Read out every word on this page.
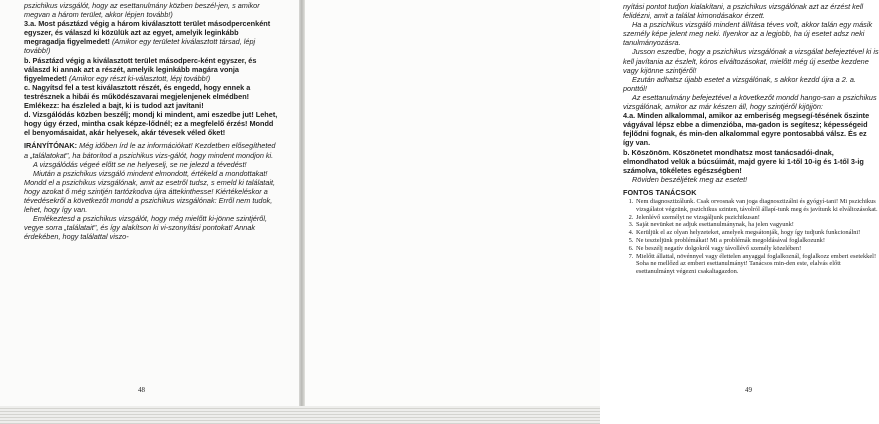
pszichikus vizsgálót, hogy az esettanulmány közben beszél-jen, s amikor megvan a három terület, akkor lépjen tovább!)

3.a. Most pásztázd végig a három kiválasztott terület másodpercenként egyszer, és válaszd ki közülük azt az egyet, amelyik leginkább megragadja figyelmedet! (Amikor egy területet kiválasztott társad, lépj tovább!)

b. Pásztázd végig a kiválasztott terület másodperc-ként egyszer, és válaszd ki annak azt a részét, amelyik leginkább magára vonja figyelmedet! (Amikor egy részt ki-választott, lépj tovább!)

c. Nagyítsd fel a test kiválasztott részét, és engedd, hogy ennek a testrésznek a hibái és működészavarai megjelenjenek elmédben! Emlékezz: ha észleled a bajt, ki is tudod azt javítani!

d. Vizsgálódás közben beszélj; mondj ki mindent, ami eszedbe jut! Lehet, hogy úgy érzed, mintha csak képze-lődnél; ez a megfelelő érzés! Mondd el benyomásaidat, akár helyesek, akár tévesek véled őket!

IRÁNYÍTÓNAK: Még időben írd le az információkat! Kezdetben elősegítheted a „találatokat", ha bátorítod a pszichikus vizs-gálót, hogy mindent mondjon ki.

A vizsgálódás végeé előtt se ne helyeselj, se ne jelezd a tévedést!

Miután a pszichikus vizsgáló mindent elmondott, értékeld a mondottakat! Mondd el a pszichikus vizsgálónak, amit az esetről tudsz, s emeld ki találatait, hogy azokat ő még szintjén tartózkodva újra áttekinthesse! Kiértékeléskor a tévedésekről a következőt mondd a pszichikus vizsgálónak: Erről nem tudok, lehet, hogy így van.

Emlékeztesd a pszichikus vizsgálót, hogy még mielőtt ki-jönne szintjéről, vegye sorra „találatait", és így alakítson ki vi-szonyítási pontokat! Annak érdekében, hogy találattal viszo-

48

nyítási pontot tudjon kialakítani, a pszichikus vizsgálónak azt az érzést kell felidézni, amit a találat kimondásakor érzett.

Ha a pszichikus vizsgáló mindent állítása téves volt, akkor talán egy másik személy képe jelent meg neki. Ilyenkor az a legjobb, ha új esetet adsz neki tanulmányozásra.

Jusson eszedbe, hogy a pszichikus vizsgálónak a vizsgálat befejeztével ki is kell javítania az észlelt, kóros elváltozásokat, mielőtt még új esetbe kezdene vagy kijönne szintjéről!

Ezután adhatsz újabb esetet a vizsgálónak, s akkor kezdd újra a 2. a. ponttól!

Az esettanulmány befejeztével a következőt mondd hango-san a pszichikus vizsgálónak, amikor az már készen áll, hogy szintjéről kijöjjön:

4.a. Minden alkalommal, amikor az emberiség megsegí-tésének őszinte vágyával lépsz ebbe a dimenzióba, ma-gadon is segítesz; képességeid fejlődni fognak, és min-den alkalommal egyre pontosabbá válsz. És ez így van.

b. Köszönöm. Köszönetet mondhatsz most tanácsadói-dnak, elmondhatod velük a búcsúimát, majd gyere ki 1-től 10-ig és 1-től 3-ig számolva, tökéletes egészségben!

Röviden beszéljétek meg az esetet!

FONTOS TANÁCSOK

1. Nem diagnosztizálunk. Csak orvosnak van joga diagnosztizálni és gyógyí-tani! Mi pszichikus vizsgálatot végzünk, pszichikus szinten, távolról állapí-tunk meg és javítunk ki elváltozásokat.
2. Jelenlévő személyt ne vizsgáljunk pszichikusan!
3. Saját nevünket ne adjuk esettanulmánynak, ha jelen vagyunk!
4. Kerüljük el az olyan helyzeteket, amelyek megsátonják, hogy így tudjunk funkcionálni!
5. Ne teszteljünk problémákat! Mi a problémák megoldásával foglalkozunk!
6. Ne beszélj negatív dolgokról vagy távollévő személy közelében!
7. Mielőtt állattal, növénnyel vagy élettelen anyaggal foglalkoznál, foglalkozz emberi esetekkel! Soha ne mellőzd az emberi esettanulmányt! Tanácsos min-den este, elalvás előtt esettanulmányt végezni csakaltagazdon.
49
